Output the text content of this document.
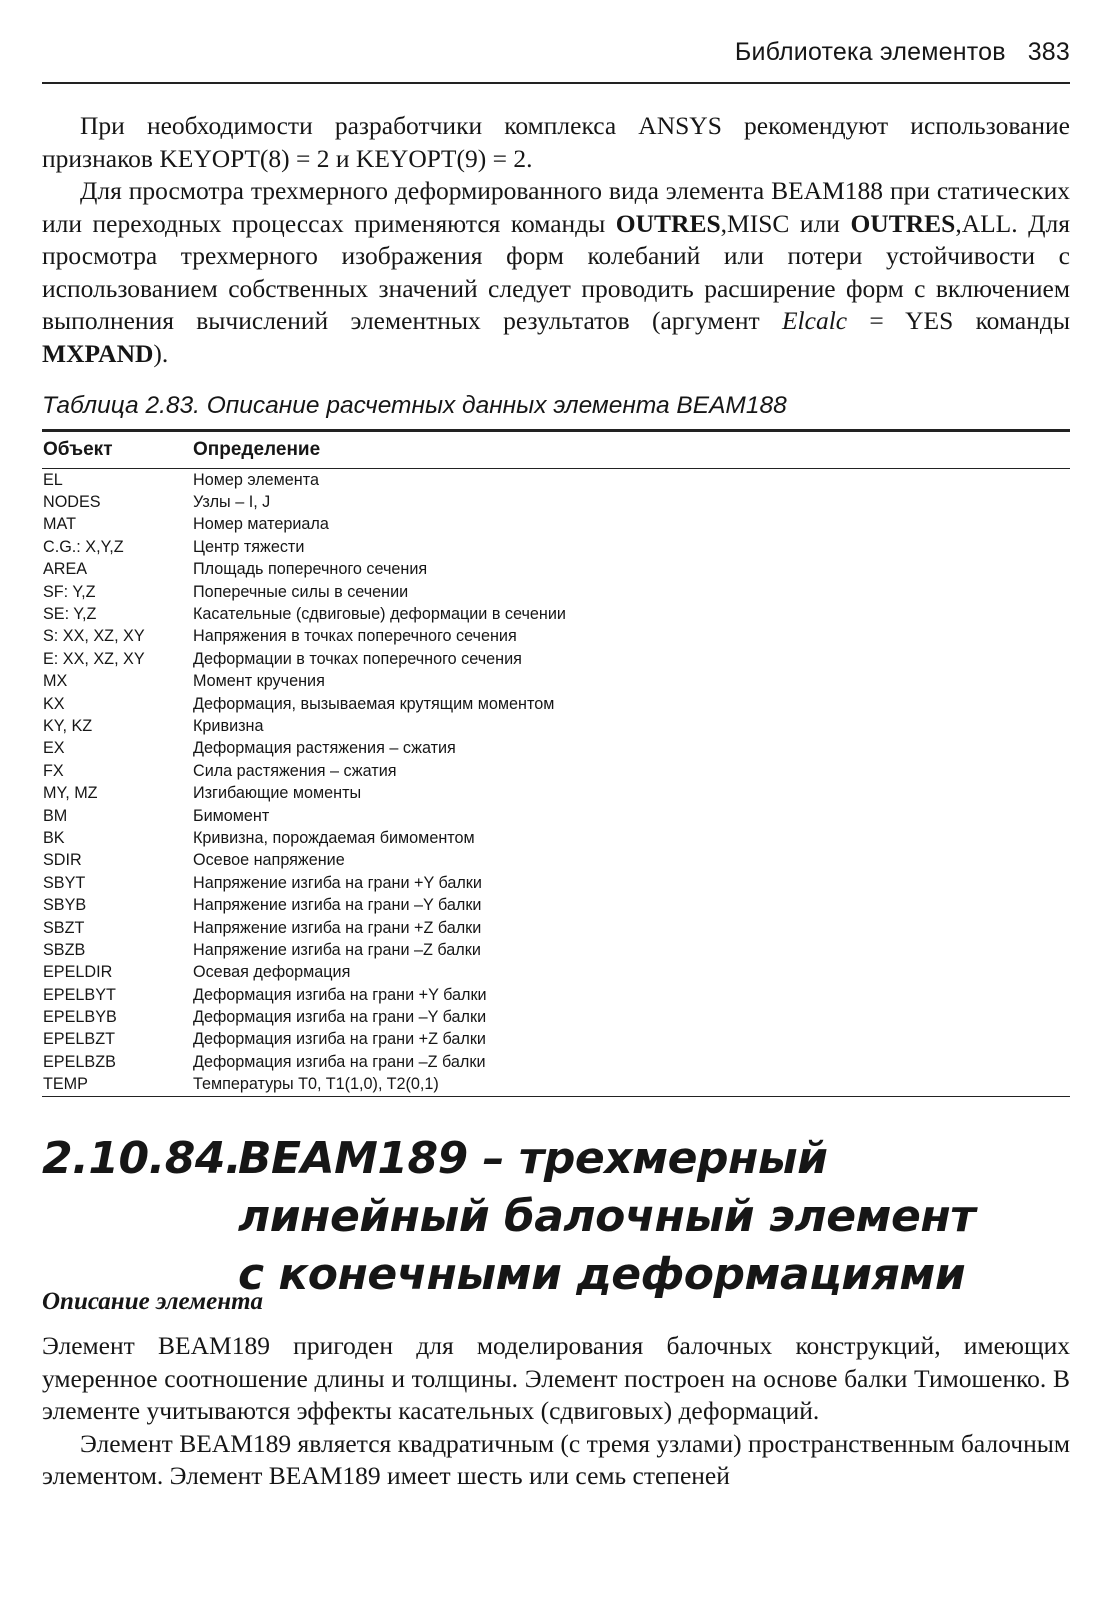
Библиотека элементов 383

При необходимости разработчики комплекса ANSYS рекомендуют использование признаков KEYOPT(8) = 2 и KEYOPT(9) = 2.

Для просмотра трехмерного деформированного вида элемента BEAM188 при статических или переходных процессах применяются команды OUTRES,MISC или OUTRES,ALL. Для просмотра трехмерного изображения форм колебаний или потери устойчивости с использованием собственных значений следует проводить расширение форм с включением выполнения вычислений элементных результатов (аргумент Elcalc = YES команды MXPAND).

Таблица 2.83. Описание расчетных данных элемента BEAM188
Объект	Определение
EL	Номер элемента
NODES	Узлы – I, J
MAT	Номер материала
C.G.: X,Y,Z	Центр тяжести
AREA	Площадь поперечного сечения
SF: Y,Z	Поперечные силы в сечении
SE: Y,Z	Касательные (сдвиговые) деформации в сечении
S: XX, XZ, XY	Напряжения в точках поперечного сечения
E: XX, XZ, XY	Деформации в точках поперечного сечения
MX	Момент кручения
KX	Деформация, вызываемая крутящим моментом
KY, KZ	Кривизна
EX	Деформация растяжения – сжатия
FX	Сила растяжения – сжатия
MY, MZ	Изгибающие моменты
BM	Бимомент
BK	Кривизна, порождаемая бимоментом
SDIR	Осевое напряжение
SBYT	Напряжение изгиба на грани +Y балки
SBYB	Напряжение изгиба на грани –Y балки
SBZT	Напряжение изгиба на грани +Z балки
SBZB	Напряжение изгиба на грани –Z балки
EPELDIR	Осевая деформация
EPELBYT	Деформация изгиба на грани +Y балки
EPELBYB	Деформация изгиба на грани –Y балки
EPELBZT	Деформация изгиба на грани +Z балки
EPELBZB	Деформация изгиба на грани –Z балки
TEMP	Температуры T0, T1(1,0), T2(0,1)
2.10.84.BEAM189 – трехмерный
линейный балочный элемент
с конечными деформациями
Описание элемента

Элемент BEAM189 пригоден для моделирования балочных конструкций, имеющих умеренное соотношение длины и толщины. Элемент построен на основе балки Тимошенко. В элементе учитываются эффекты касательных (сдвиговых) деформаций.

Элемент BEAM189 является квадратичным (с тремя узлами) пространственным балочным элементом. Элемент BEAM189 имеет шесть или семь степеней
